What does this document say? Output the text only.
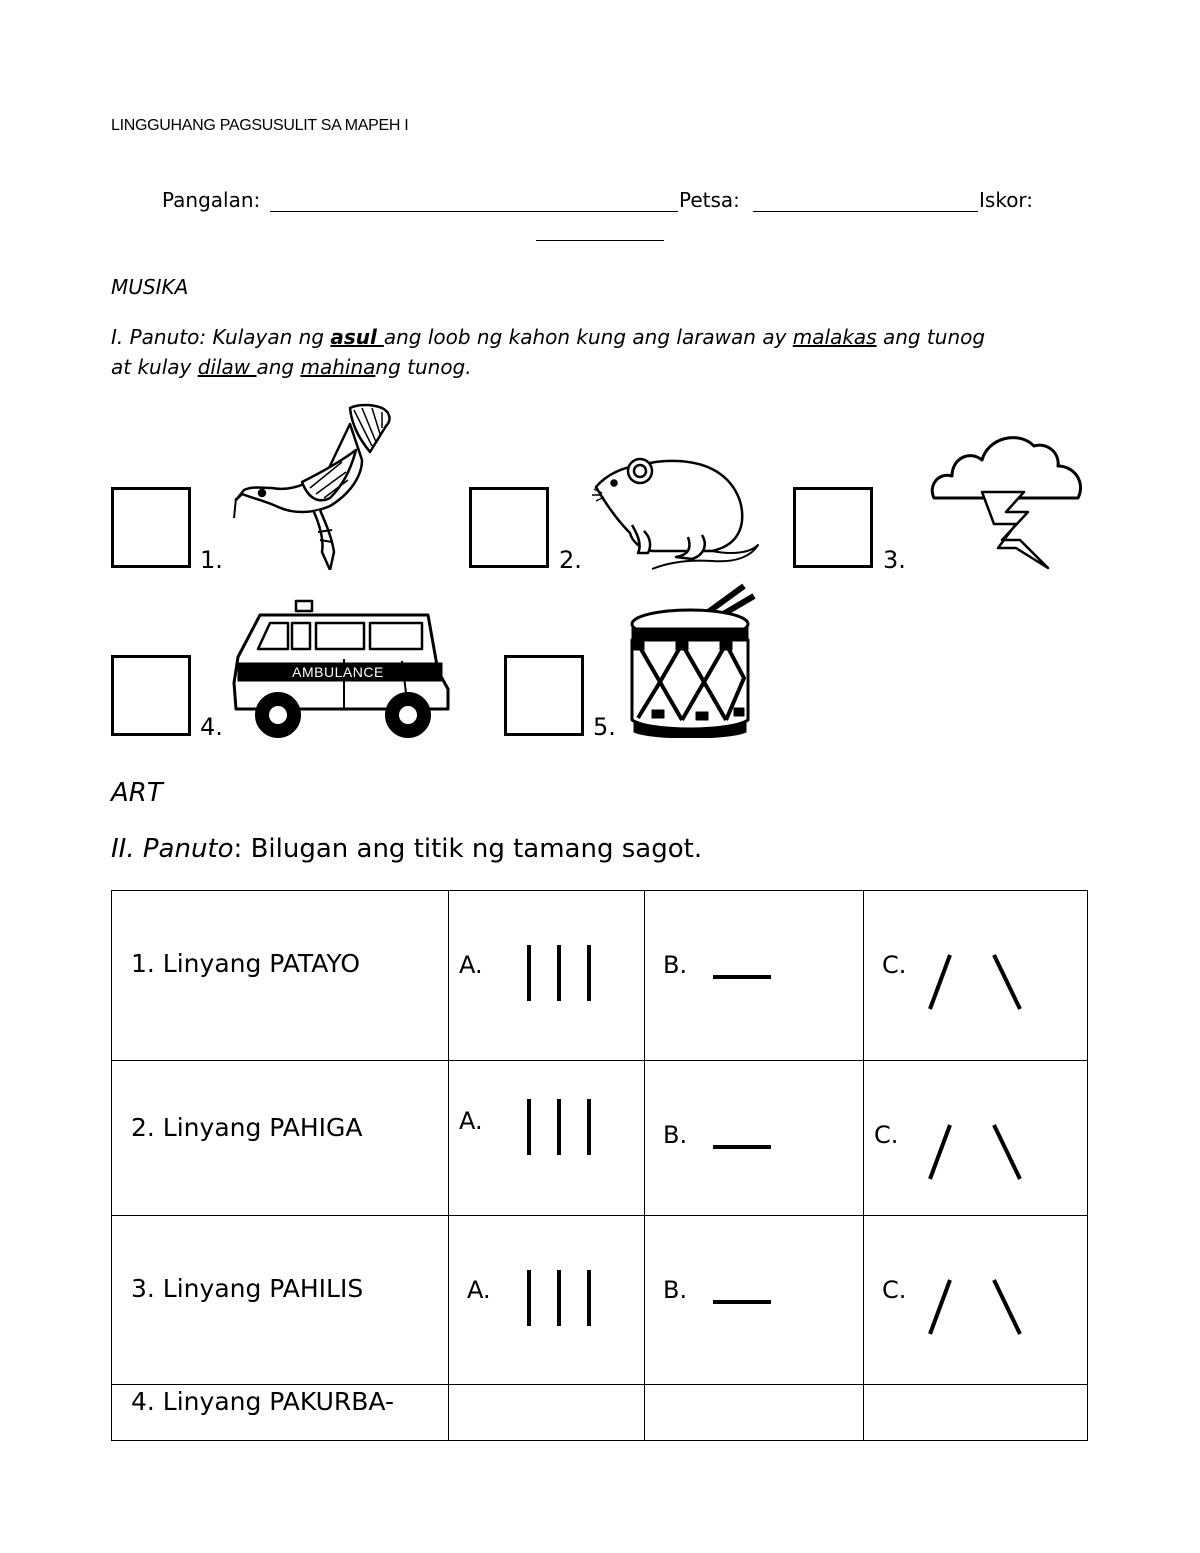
LINGGUHANG PAGSUSULIT SA MAPEH I
Pangalan:	Petsa:	Iskor:
MUSIKA
I. Panuto: Kulayan ng asul ang loob ng kahon kung ang larawan ay malakas ang tunog
at kulay dilaw ang mahinang tunog.
1.	2.	3.
4.
AMBULANCE
5.
ART
II. Panuto: Bilugan ang titik ng tamang sagot.
1. Linyang PATAYO	A.	B.	C.

2. Linyang PAHIGA	A.	B.	C.

3. Linyang PAHILIS	A.	B.	C.

4. Linyang PAKURBA-			
